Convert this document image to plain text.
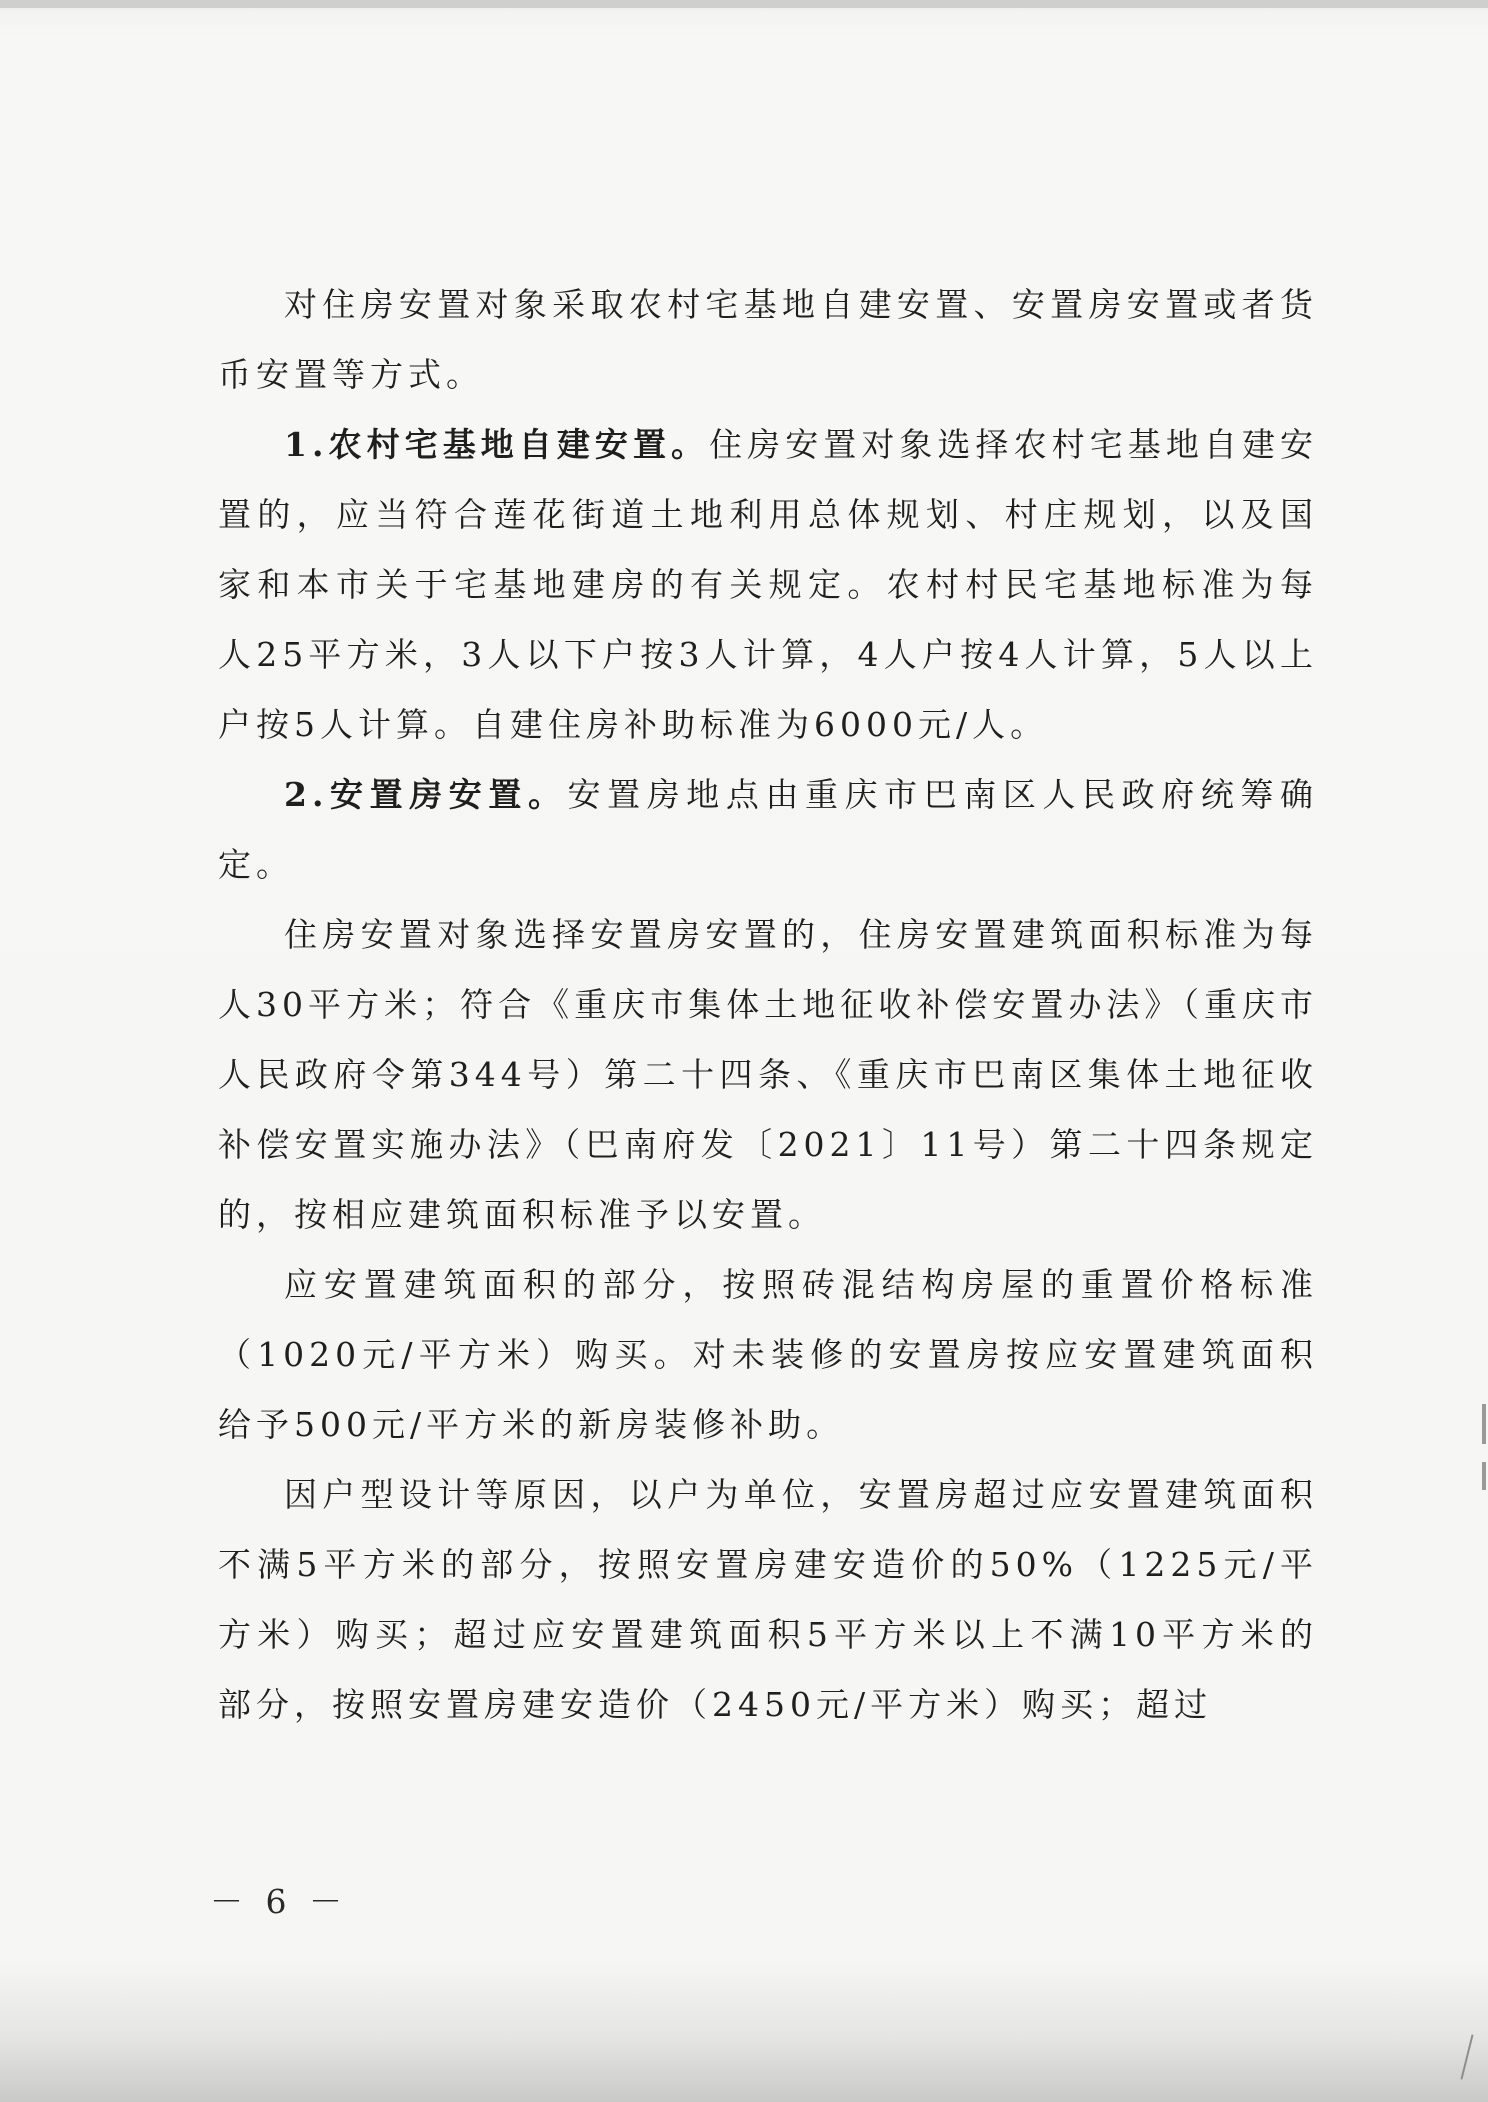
对住房安置对象采取农村宅基地自建安置、安置房安置或者货币安置等方式。

1.农村宅基地自建安置。住房安置对象选择农村宅基地自建安置的，应当符合莲花街道土地利用总体规划、村庄规划，以及国家和本市关于宅基地建房的有关规定。农村村民宅基地标准为每人25平方米，3人以下户按3人计算，4人户按4人计算，5人以上户按5人计算。自建住房补助标准为6000元/人。

2.安置房安置。安置房地点由重庆市巴南区人民政府统筹确定。

住房安置对象选择安置房安置的，住房安置建筑面积标准为每人30平方米；符合《重庆市集体土地征收补偿安置办法》（重庆市人民政府令第344号）第二十四条、《重庆市巴南区集体土地征收补偿安置实施办法》（巴南府发〔2021〕11号）第二十四条规定的，按相应建筑面积标准予以安置。

应安置建筑面积的部分，按照砖混结构房屋的重置价格标准（1020元/平方米）购买。对未装修的安置房按应安置建筑面积给予500元/平方米的新房装修补助。

因户型设计等原因，以户为单位，安置房超过应安置建筑面积不满5平方米的部分，按照安置房建安造价的50%（1225元/平方米）购买；超过应安置建筑面积5平方米以上不满10平方米的部分，按照安置房建安造价（2450元/平方米）购买；超过

－ 6 －
